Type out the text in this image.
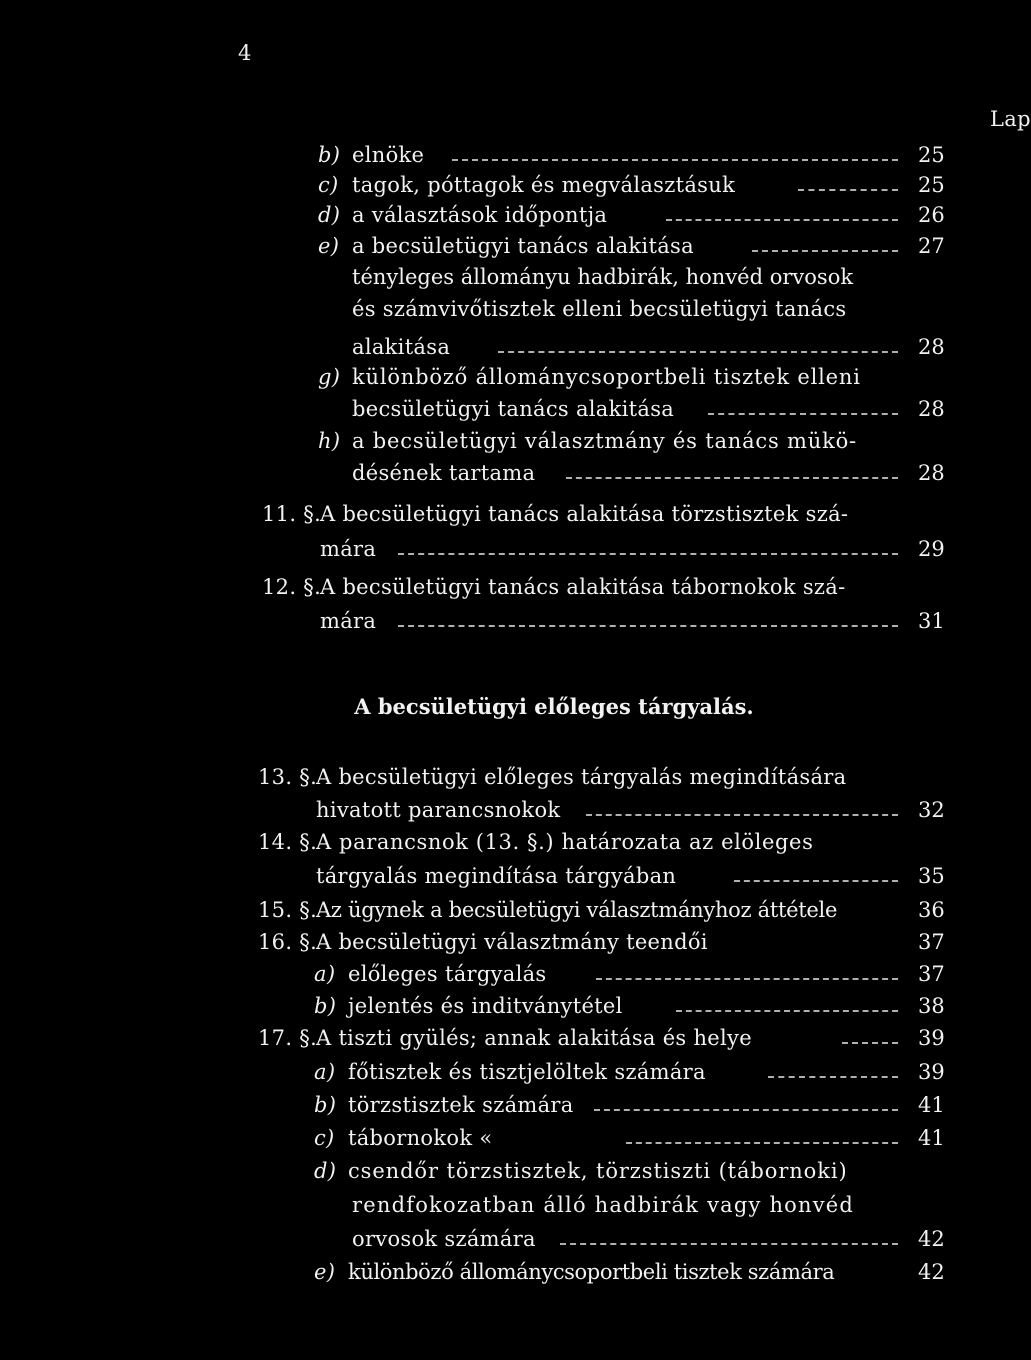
4
Lap
b) elnöke	25
c) tagok, póttagok és megválasztásuk	25
d) a választások időpontja	26
e) a becsületügyi tanács alakitása	27
tényleges állományu hadbirák, honvéd orvosok
és számvivőtisztek elleni becsületügyi tanács
alakitása	28
g) különböző állománycsoportbeli tisztek elleni
becsületügyi tanács alakitása	28
h) a becsületügyi választmány és tanács mükö-
désének tartama	28
11. §.
A becsületügyi tanács alakitása törzstisztek szá-
mára	29
12. §.
A becsületügyi tanács alakitása tábornokok szá-
mára	31
A becsületügyi előleges tárgyalás.
13. §.
A becsületügyi előleges tárgyalás megindítására
hivatott parancsnokok	32
14. §.
A parancsnok (13. §.) határozata az elöleges
tárgyalás megindítása tárgyában	35
15. §.
Az ügynek a becsületügyi választmányhoz áttétele	36
16. §.
A becsületügyi választmány teendői	37
a) előleges tárgyalás	37
b) jelentés és inditványtétel	38
17. §.
A tiszti gyülés; annak alakitása és helye	39
a) főtisztek és tisztjelöltek számára	39
b) törzstisztek számára	41
c) tábornokok «	41
d) csendőr törzstisztek, törzstiszti (tábornoki)
rendfokozatban álló hadbirák vagy honvéd
orvosok számára	42
e) különböző állománycsoportbeli tisztek számára	42
